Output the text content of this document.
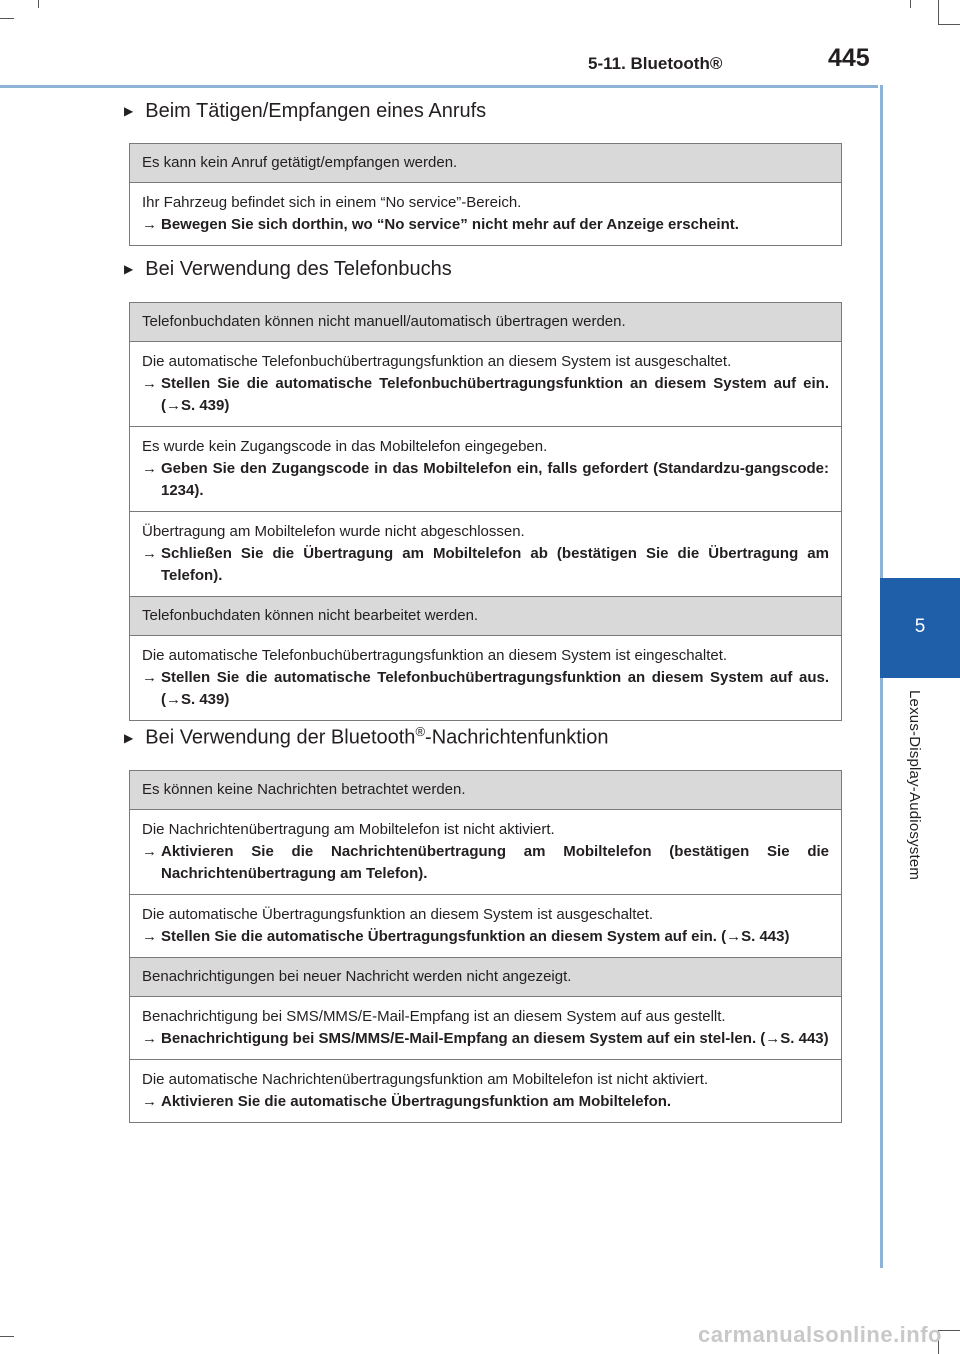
5-11. Bluetooth®	445
5
Lexus-Display-Audiosystem
▶ Beim Tätigen/Empfangen eines Anrufs
Es kann kein Anruf getätigt/empfangen werden.

Ihr Fahrzeug befindet sich in einem “No service”-Bereich.
→ Bewegen Sie sich dorthin, wo “No service” nicht mehr auf der Anzeige erscheint.
▶ Bei Verwendung des Telefonbuchs
Telefonbuchdaten können nicht manuell/automatisch übertragen werden.

Die automatische Telefonbuchübertragungsfunktion an diesem System ist ausgeschaltet.
→ Stellen Sie die automatische Telefonbuchübertragungsfunktion an diesem System auf ein. (→S. 439)

Es wurde kein Zugangscode in das Mobiltelefon eingegeben.
→ Geben Sie den Zugangscode in das Mobiltelefon ein, falls gefordert (Standardzu-gangscode: 1234).

Übertragung am Mobiltelefon wurde nicht abgeschlossen.
→ Schließen Sie die Übertragung am Mobiltelefon ab (bestätigen Sie die Übertragung am Telefon).

Telefonbuchdaten können nicht bearbeitet werden.

Die automatische Telefonbuchübertragungsfunktion an diesem System ist eingeschaltet.
→ Stellen Sie die automatische Telefonbuchübertragungsfunktion an diesem System auf aus. (→S. 439)
▶ Bei Verwendung der Bluetooth®-Nachrichtenfunktion
Es können keine Nachrichten betrachtet werden.

Die Nachrichtenübertragung am Mobiltelefon ist nicht aktiviert.
→ Aktivieren Sie die Nachrichtenübertragung am Mobiltelefon (bestätigen Sie die Nachrichtenübertragung am Telefon).

Die automatische Übertragungsfunktion an diesem System ist ausgeschaltet.
→ Stellen Sie die automatische Übertragungsfunktion an diesem System auf ein. (→S. 443)

Benachrichtigungen bei neuer Nachricht werden nicht angezeigt.

Benachrichtigung bei SMS/MMS/E-Mail-Empfang ist an diesem System auf aus gestellt.
→ Benachrichtigung bei SMS/MMS/E-Mail-Empfang an diesem System auf ein stel-len. (→S. 443)

Die automatische Nachrichtenübertragungsfunktion am Mobiltelefon ist nicht aktiviert.
→ Aktivieren Sie die automatische Übertragungsfunktion am Mobiltelefon.
carmanualsonline.info
